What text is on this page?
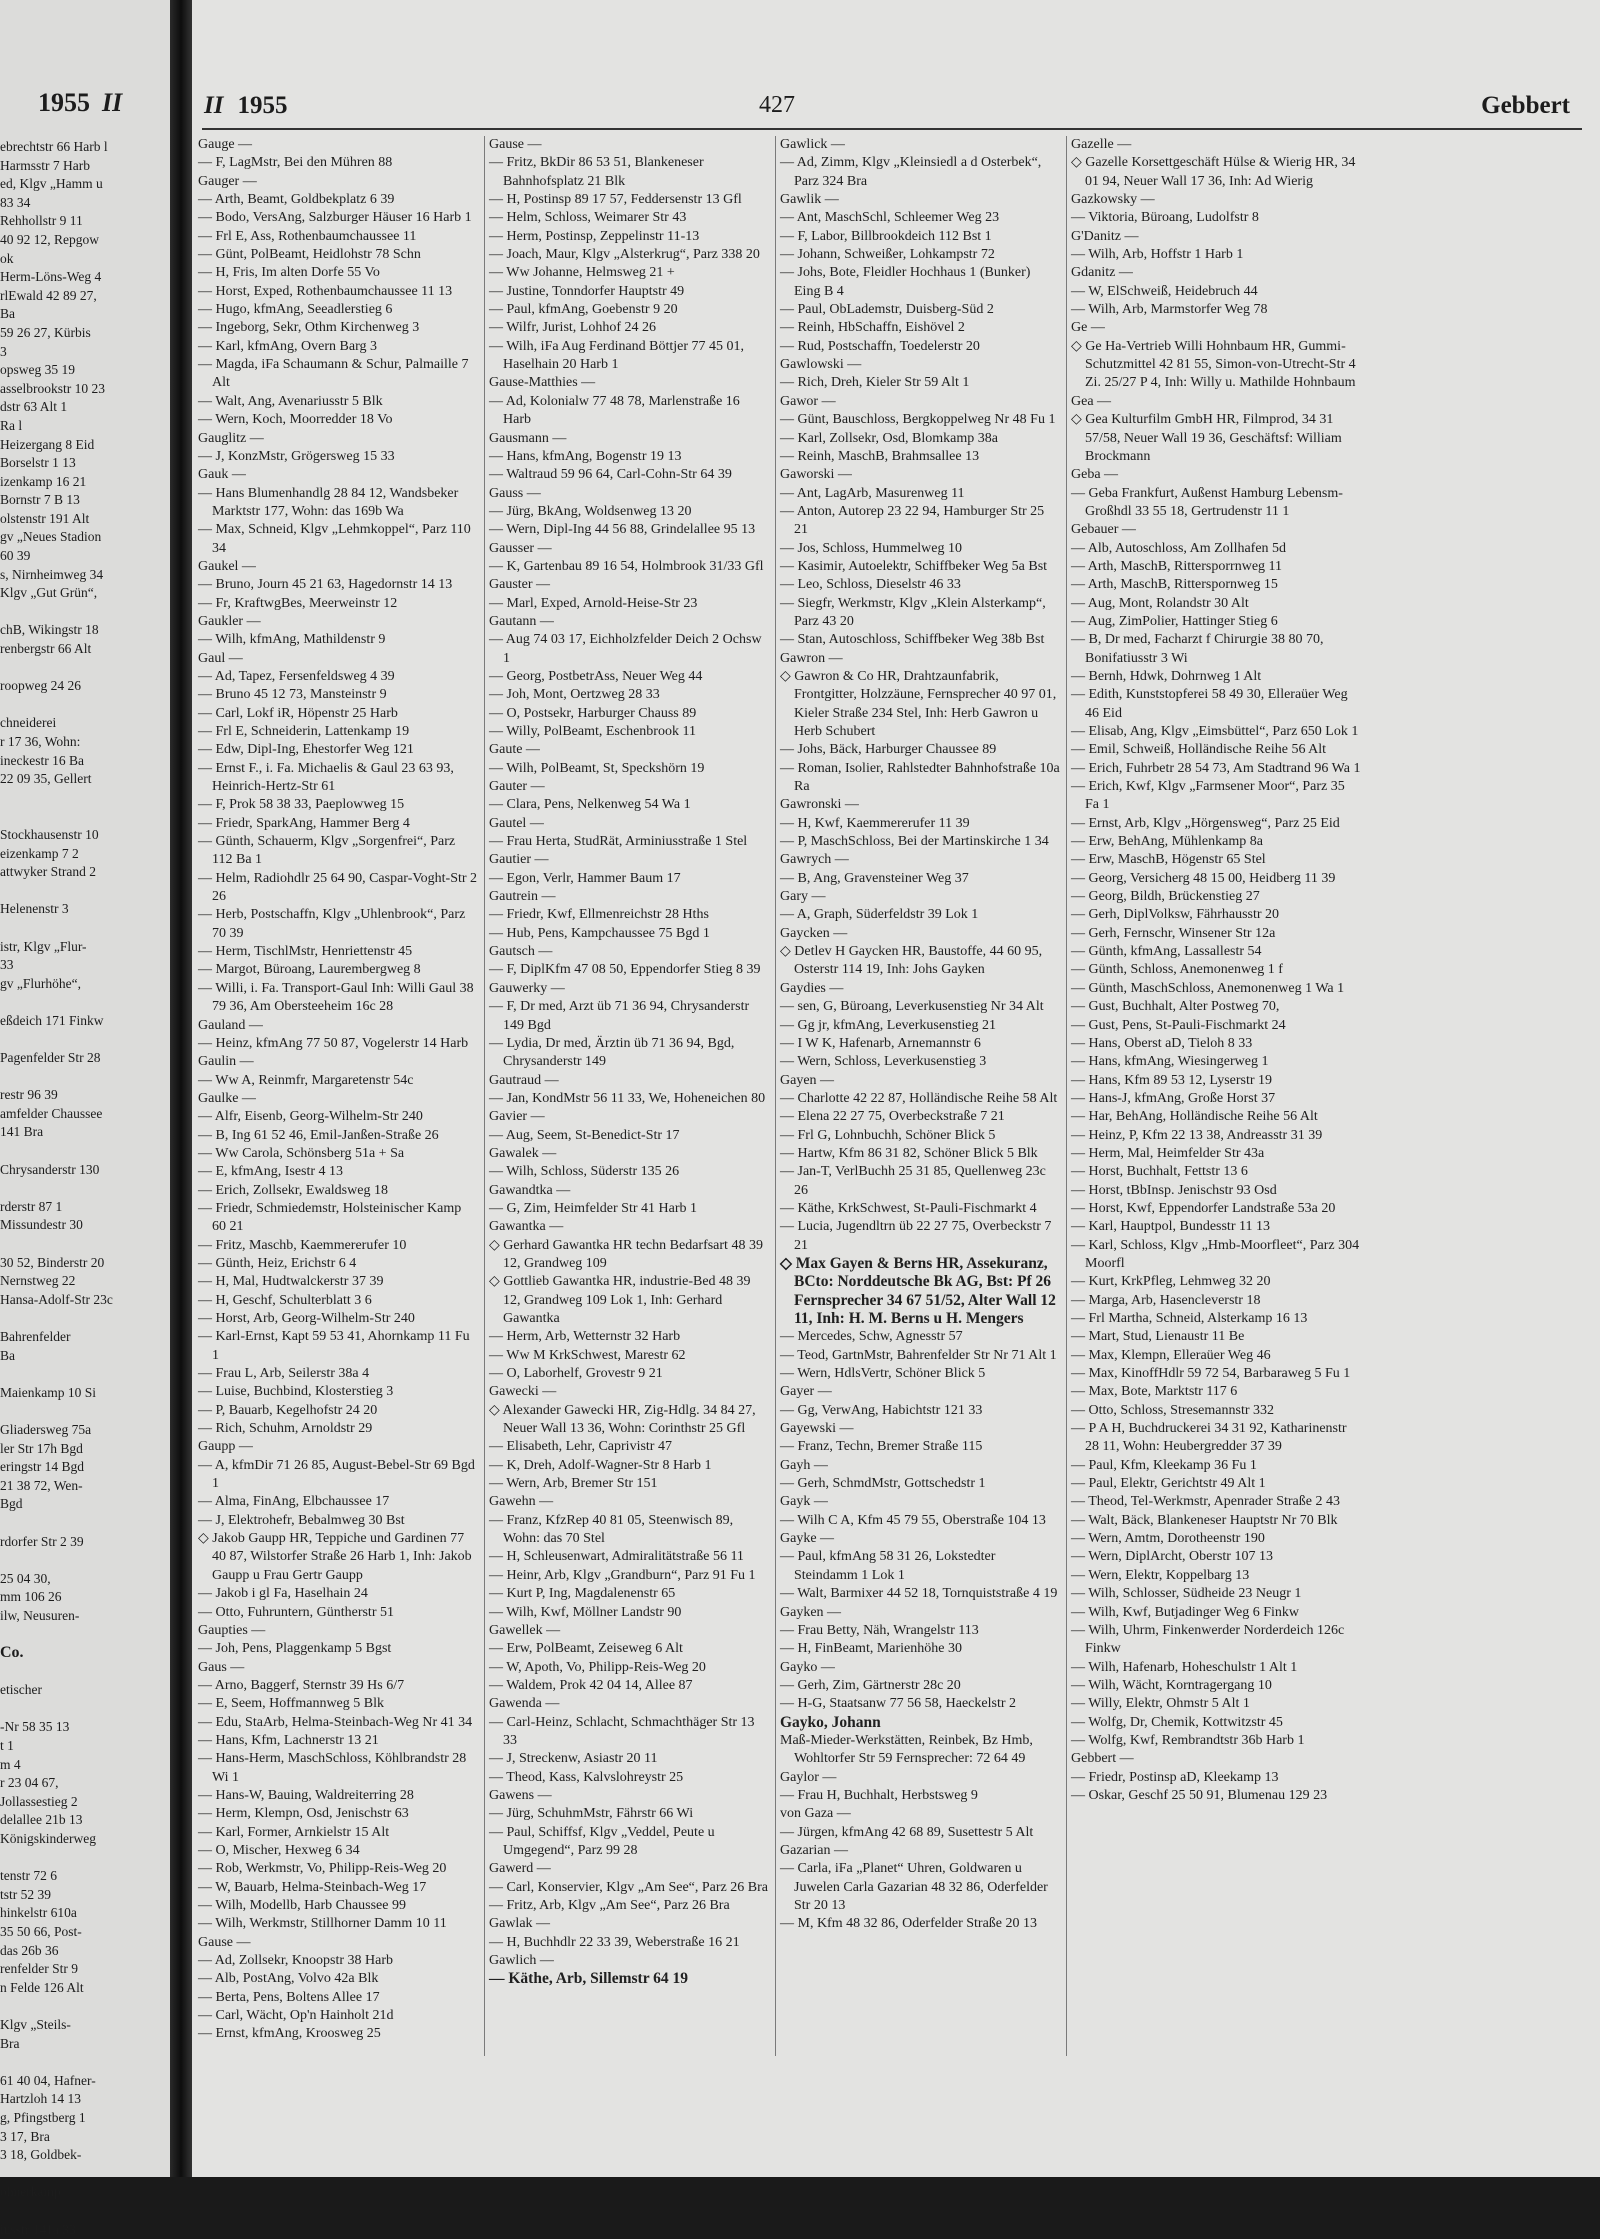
1955 II
ebrechtstr 66 Harb l
Harmsstr 7 Harb
ed, Klgv „Hamm u
83 34
Rehhollstr 9 11
40 92 12, Repgow
ok
Herm-Löns-Weg 4
rlEwald 42 89 27,
Ba
59 26 27, Kürbis
3
opsweg 35 19
asselbrookstr 10 23
dstr 63 Alt 1
Ra l
Heizergang 8 Eid
Borselstr 1 13
izenkamp 16 21
Bornstr 7 B 13
olstenstr 191 Alt
gv „Neues Stadion
60 39
s, Nirnheimweg 34
Klgv „Gut Grün“,

chB, Wikingstr 18
renbergstr 66 Alt

roopweg 24 26

chneiderei
r 17 36, Wohn:
ineckestr 16 Ba
22 09 35, Gellert

Stockhausenstr 10
eizenkamp 7 2
attwyker Strand 2

Helenenstr 3

istr, Klgv „Flur-
33
gv „Flurhöhe“,

eßdeich 171 Finkw

Pagenfelder Str 28

restr 96 39
amfelder Chaussee
141 Bra

Chrysanderstr 130

rderstr 87 1
Missundestr 30

30 52, Binderstr 20
Nernstweg 22
Hansa-Adolf-Str 23c

Bahrenfelder
Ba

Maienkamp 10 Si

Gliadersweg 75a
ler Str 17h Bgd
eringstr 14 Bgd
21 38 72, Wen-
Bgd

rdorfer Str 2 39

25 04 30,
mm 106 26
ilw, Neusuren-

Co.

etischer

-Nr 58 35 13
t 1
m 4
r 23 04 67,
Jollassestieg 2
delallee 21b 13
Königskinderweg

tenstr 72 6
tstr 52 39
hinkelstr 610a
35 50 66, Post-
das 26b 36
renfelder Str 9
n Felde 126 Alt

Klgv „Steils-
Bra

61 40 04, Hafner-
Hartzloh 14 13
g, Pfingstberg 1
3 17, Bra
3 18, Goldbek-

ohnerkamp

iusstr 141a 33
II 1955	427	Gebbert
Gauge —
— F, LagMstr, Bei den Mühren 88
Gauger —
— Arth, Beamt, Goldbekplatz 6 39
— Bodo, VersAng, Salzburger Häuser 16 Harb 1
— Frl E, Ass, Rothenbaumchaussee 11
— Günt, PolBeamt, Heidlohstr 78 Schn
— H, Fris, Im alten Dorfe 55 Vo
— Horst, Exped, Rothenbaumchaussee 11 13
— Hugo, kfmAng, Seeadlerstieg 6
— Ingeborg, Sekr, Othm Kirchenweg 3
— Karl, kfmAng, Overn Barg 3
— Magda, iFa Schaumann & Schur, Palmaille 7 Alt
— Walt, Ang, Avenariusstr 5 Blk
— Wern, Koch, Moorredder 18 Vo
Gauglitz —
— J, KonzMstr, Grögersweg 15 33
Gauk —
— Hans Blumenhandlg 28 84 12, Wandsbeker Marktstr 177, Wohn: das 169b Wa
— Max, Schneid, Klgv „Lehmkoppel“, Parz 110 34
Gaukel —
— Bruno, Journ 45 21 63, Hagedornstr 14 13
— Fr, KraftwgBes, Meerweinstr 12
Gaukler —
— Wilh, kfmAng, Mathildenstr 9
Gaul —
— Ad, Tapez, Fersenfeldsweg 4 39
— Bruno 45 12 73, Mansteinstr 9
— Carl, Lokf iR, Höpenstr 25 Harb
— Frl E, Schneiderin, Lattenkamp 19
— Edw, Dipl-Ing, Ehestorfer Weg 121
— Ernst F., i. Fa. Michaelis & Gaul 23 63 93, Heinrich-Hertz-Str 61
— F, Prok 58 38 33, Paeplowweg 15
— Friedr, SparkAng, Hammer Berg 4
— Günth, Schauerm, Klgv „Sorgenfrei“, Parz 112 Ba 1
— Helm, Radiohdlr 25 64 90, Caspar-Voght-Str 2 26
— Herb, Postschaffn, Klgv „Uhlenbrook“, Parz 70 39
— Herm, TischlMstr, Henriettenstr 45
— Margot, Büroang, Laurembergweg 8
— Willi, i. Fa. Transport-Gaul Inh: Willi Gaul 38 79 36, Am Obersteeheim 16c 28
Gauland —
— Heinz, kfmAng 77 50 87, Vogelerstr 14 Harb
Gaulin —
— Ww A, Reinmfr, Margaretenstr 54c
Gaulke —
— Alfr, Eisenb, Georg-Wilhelm-Str 240
— B, Ing 61 52 46, Emil-Janßen-Straße 26
— Ww Carola, Schönsberg 51a + Sa
— E, kfmAng, Isestr 4 13
— Erich, Zollsekr, Ewaldsweg 18
— Friedr, Schmiedemstr, Holsteinischer Kamp 60 21
— Fritz, Maschb, Kaemmererufer 10
— Günth, Heiz, Erichstr 6 4
— H, Mal, Hudtwalckerstr 37 39
— H, Geschf, Schulterblatt 3 6
— Horst, Arb, Georg-Wilhelm-Str 240
— Karl-Ernst, Kapt 59 53 41, Ahornkamp 11 Fu 1
— Frau L, Arb, Seilerstr 38a 4
— Luise, Buchbind, Klosterstieg 3
— P, Bauarb, Kegelhofstr 24 20
— Rich, Schuhm, Arnoldstr 29
Gaupp —
— A, kfmDir 71 26 85, August-Bebel-Str 69 Bgd 1
— Alma, FinAng, Elbchaussee 17
— J, Elektrohefr, Bebalmweg 30 Bst
◇ Jakob Gaupp HR, Teppiche und Gardinen 77 40 87, Wilstorfer Straße 26 Harb 1, Inh: Jakob Gaupp u Frau Gertr Gaupp
— Jakob i gl Fa, Haselhain 24
— Otto, Fuhruntern, Güntherstr 51
Gaupties —
— Joh, Pens, Plaggenkamp 5 Bgst
Gaus —
— Arno, Baggerf, Sternstr 39 Hs 6/7
— E, Seem, Hoffmannweg 5 Blk
— Edu, StaArb, Helma-Steinbach-Weg Nr 41 34
— Hans, Kfm, Lachnerstr 13 21
— Hans-Herm, MaschSchloss, Köhlbrandstr 28 Wi 1
— Hans-W, Bauing, Waldreiterring 28
— Herm, Klempn, Osd, Jenischstr 63
— Karl, Former, Arnkielstr 15 Alt
— O, Mischer, Hexweg 6 34
— Rob, Werkmstr, Vo, Philipp-Reis-Weg 20
— W, Bauarb, Helma-Steinbach-Weg 17
— Wilh, Modellb, Harb Chaussee 99
— Wilh, Werkmstr, Stillhorner Damm 10 11
Gause —
— Ad, Zollsekr, Knoopstr 38 Harb
— Alb, PostAng, Volvo 42a Blk
— Berta, Pens, Boltens Allee 17
— Carl, Wächt, Op'n Hainholt 21d
— Ernst, kfmAng, Kroosweg 25
Gause —
— Fritz, BkDir 86 53 51, Blankeneser Bahnhofsplatz 21 Blk
— H, Postinsp 89 17 57, Feddersenstr 13 Gfl
— Helm, Schloss, Weimarer Str 43
— Herm, Postinsp, Zeppelinstr 11-13
— Joach, Maur, Klgv „Alsterkrug“, Parz 338 20
— Ww Johanne, Helmsweg 21 +
— Justine, Tonndorfer Hauptstr 49
— Paul, kfmAng, Goebenstr 9 20
— Wilfr, Jurist, Lohhof 24 26
— Wilh, iFa Aug Ferdinand Böttjer 77 45 01, Haselhain 20 Harb 1
Gause-Matthies —
— Ad, Kolonialw 77 48 78, Marlenstraße 16 Harb
Gausmann —
— Hans, kfmAng, Bogenstr 19 13
— Waltraud 59 96 64, Carl-Cohn-Str 64 39
Gauss —
— Jürg, BkAng, Woldsenweg 13 20
— Wern, Dipl-Ing 44 56 88, Grindelallee 95 13
Gausser —
— K, Gartenbau 89 16 54, Holmbrook 31/33 Gfl
Gauster —
— Marl, Exped, Arnold-Heise-Str 23
Gautann —
— Aug 74 03 17, Eichholzfelder Deich 2 Ochsw 1
— Georg, PostbetrAss, Neuer Weg 44
— Joh, Mont, Oertzweg 28 33
— O, Postsekr, Harburger Chauss 89
— Willy, PolBeamt, Eschenbrook 11
Gaute —
— Wilh, PolBeamt, St, Speckshörn 19
Gauter —
— Clara, Pens, Nelkenweg 54 Wa 1
Gautel —
— Frau Herta, StudRät, Arminiusstraße 1 Stel
Gautier —
— Egon, Verlr, Hammer Baum 17
Gautrein —
— Friedr, Kwf, Ellmenreichstr 28 Hths
— Hub, Pens, Kampchaussee 75 Bgd 1
Gautsch —
— F, DiplKfm 47 08 50, Eppendorfer Stieg 8 39
Gauwerky —
— F, Dr med, Arzt üb 71 36 94, Chrysanderstr 149 Bgd
— Lydia, Dr med, Ärztin üb 71 36 94, Bgd, Chrysanderstr 149
Gautraud —
— Jan, KondMstr 56 11 33, We, Hoheneichen 80
Gavier —
— Aug, Seem, St-Benedict-Str 17
Gawalek —
— Wilh, Schloss, Süderstr 135 26
Gawandtka —
— G, Zim, Heimfelder Str 41 Harb 1
Gawantka —
◇ Gerhard Gawantka HR techn Bedarfsart 48 39 12, Grandweg 109
◇ Gottlieb Gawantka HR, industrie-Bed 48 39 12, Grandweg 109 Lok 1, Inh: Gerhard Gawantka
— Herm, Arb, Wetternstr 32 Harb
— Ww M KrkSchwest, Marestr 62
— O, Laborhelf, Grovestr 9 21
Gawecki —
◇ Alexander Gawecki HR, Zig-Hdlg. 34 84 27, Neuer Wall 13 36, Wohn: Corinthstr 25 Gfl
— Elisabeth, Lehr, Caprivistr 47
— K, Dreh, Adolf-Wagner-Str 8 Harb 1
— Wern, Arb, Bremer Str 151
Gawehn —
— Franz, KfzRep 40 81 05, Steenwisch 89, Wohn: das 70 Stel
— H, Schleusenwart, Admiralitätstraße 56 11
— Heinr, Arb, Klgv „Grandburn“, Parz 91 Fu 1
— Kurt P, Ing, Magdalenenstr 65
— Wilh, Kwf, Möllner Landstr 90
Gawellek —
— Erw, PolBeamt, Zeiseweg 6 Alt
— W, Apoth, Vo, Philipp-Reis-Weg 20
— Waldem, Prok 42 04 14, Allee 87
Gawenda —
— Carl-Heinz, Schlacht, Schmachthäger Str 13 33
— J, Streckenw, Asiastr 20 11
— Theod, Kass, Kalvslohreystr 25
Gawens —
— Jürg, SchuhmMstr, Fährstr 66 Wi
— Paul, Schiffsf, Klgv „Veddel, Peute u Umgegend“, Parz 99 28
Gawerd —
— Carl, Konservier, Klgv „Am See“, Parz 26 Bra
— Fritz, Arb, Klgv „Am See“, Parz 26 Bra
Gawlak —
— H, Buchhdlr 22 33 39, Weberstraße 16 21
Gawlich —
— Käthe, Arb, Sillemstr 64 19
Gawlick —
— Ad, Zimm, Klgv „Kleinsiedl a d Osterbek“, Parz 324 Bra
Gawlik —
— Ant, MaschSchl, Schleemer Weg 23
— F, Labor, Billbrookdeich 112 Bst 1
— Johann, Schweißer, Lohkampstr 72
— Johs, Bote, Fleidler Hochhaus 1 (Bunker) Eing B 4
— Paul, ObLademstr, Duisberg-Süd 2
— Reinh, HbSchaffn, Eishövel 2
— Rud, Postschaffn, Toedelerstr 20
Gawlowski —
— Rich, Dreh, Kieler Str 59 Alt 1
Gawor —
— Günt, Bauschloss, Bergkoppelweg Nr 48 Fu 1
— Karl, Zollsekr, Osd, Blomkamp 38a
— Reinh, MaschB, Brahmsallee 13
Gaworski —
— Ant, LagArb, Masurenweg 11
— Anton, Autorep 23 22 94, Hamburger Str 25 21
— Jos, Schloss, Hummelweg 10
— Kasimir, Autoelektr, Schiffbeker Weg 5a Bst
— Leo, Schloss, Dieselstr 46 33
— Siegfr, Werkmstr, Klgv „Klein Alsterkamp“, Parz 43 20
— Stan, Autoschloss, Schiffbeker Weg 38b Bst
Gawron —
◇ Gawron & Co HR, Drahtzaunfabrik, Frontgitter, Holzzäune, Fernsprecher 40 97 01, Kieler Straße 234 Stel, Inh: Herb Gawron u Herb Schubert
— Johs, Bäck, Harburger Chaussee 89
— Roman, Isolier, Rahlstedter Bahnhofstraße 10a Ra
Gawronski —
— H, Kwf, Kaemmererufer 11 39
— P, MaschSchloss, Bei der Martinskirche 1 34
Gawrych —
— B, Ang, Gravensteiner Weg 37
Gary —
— A, Graph, Süderfeldstr 39 Lok 1
Gaycken —
◇ Detlev H Gaycken HR, Baustoffe, 44 60 95, Osterstr 114 19, Inh: Johs Gayken
Gaydies —
— sen, G, Büroang, Leverkusenstieg Nr 34 Alt
— Gg jr, kfmAng, Leverkusenstieg 21
— I W K, Hafenarb, Arnemannstr 6
— Wern, Schloss, Leverkusenstieg 3
Gayen —
— Charlotte 42 22 87, Holländische Reihe 58 Alt
— Elena 22 27 75, Overbeckstraße 7 21
— Frl G, Lohnbuchh, Schöner Blick 5
— Hartw, Kfm 86 31 82, Schöner Blick 5 Blk
— Jan-T, VerlBuchh 25 31 85, Quellenweg 23c 26
— Käthe, KrkSchwest, St-Pauli-Fischmarkt 4
— Lucia, Jugendltrn üb 22 27 75, Overbeckstr 7 21
◇ Max Gayen & Berns HR, Assekuranz, BCto: Norddeutsche Bk AG, Bst: Pf 26 Fernsprecher 34 67 51/52, Alter Wall 12 11, Inh: H. M. Berns u H. Mengers
— Mercedes, Schw, Agnesstr 57
— Teod, GartnMstr, Bahrenfelder Str Nr 71 Alt 1
— Wern, HdlsVertr, Schöner Blick 5
Gayer —
— Gg, VerwAng, Habichtstr 121 33
Gayewski —
— Franz, Techn, Bremer Straße 115
Gayh —
— Gerh, SchmdMstr, Gottschedstr 1
Gayk —
— Wilh C A, Kfm 45 79 55, Oberstraße 104 13
Gayke —
— Paul, kfmAng 58 31 26, Lokstedter Steindamm 1 Lok 1
— Walt, Barmixer 44 52 18, Tornquiststraße 4 19
Gayken —
— Frau Betty, Näh, Wrangelstr 113
— H, FinBeamt, Marienhöhe 30
Gayko —
— Gerh, Zim, Gärtnerstr 28c 20
— H-G, Staatsanw 77 56 58, Haeckelstr 2
Gayko, Johann
Maß-Mieder-Werkstätten, Reinbek, Bz Hmb, Wohltorfer Str 59 Fernsprecher: 72 64 49
Gaylor —
— Frau H, Buchhalt, Herbstsweg 9
von Gaza —
— Jürgen, kfmAng 42 68 89, Susettestr 5 Alt
Gazarian —
— Carla, iFa „Planet“ Uhren, Goldwaren u Juwelen Carla Gazarian 48 32 86, Oderfelder Str 20 13
— M, Kfm 48 32 86, Oderfelder Straße 20 13
Gazelle —
◇ Gazelle Korsettgeschäft Hülse & Wierig HR, 34 01 94, Neuer Wall 17 36, Inh: Ad Wierig
Gazkowsky —
— Viktoria, Büroang, Ludolfstr 8
G'Danitz —
— Wilh, Arb, Hoffstr 1 Harb 1
Gdanitz —
— W, ElSchweiß, Heidebruch 44
— Wilh, Arb, Marmstorfer Weg 78
Ge —
◇ Ge Ha-Vertrieb Willi Hohnbaum HR, Gummi-Schutzmittel 42 81 55, Simon-von-Utrecht-Str 4 Zi. 25/27 P 4, Inh: Willy u. Mathilde Hohnbaum
Gea —
◇ Gea Kulturfilm GmbH HR, Filmprod, 34 31 57/58, Neuer Wall 19 36, Geschäftsf: William Brockmann
Geba —
— Geba Frankfurt, Außenst Hamburg Lebensm-Großhdl 33 55 18, Gertrudenstr 11 1
Gebauer —
— Alb, Autoschloss, Am Zollhafen 5d
— Arth, MaschB, Rittersporrnweg 11
— Arth, MaschB, Ritterspornweg 15
— Aug, Mont, Rolandstr 30 Alt
— Aug, ZimPolier, Hattinger Stieg 6
— B, Dr med, Facharzt f Chirurgie 38 80 70, Bonifatiusstr 3 Wi
— Bernh, Hdwk, Dohrnweg 1 Alt
— Edith, Kunststopferei 58 49 30, Elleraüer Weg 46 Eid
— Elisab, Ang, Klgv „Eimsbüttel“, Parz 650 Lok 1
— Emil, Schweiß, Holländische Reihe 56 Alt
— Erich, Fuhrbetr 28 54 73, Am Stadtrand 96 Wa 1
— Erich, Kwf, Klgv „Farmsener Moor“, Parz 35 Fa 1
— Ernst, Arb, Klgv „Hörgensweg“, Parz 25 Eid
— Erw, BehAng, Mühlenkamp 8a
— Erw, MaschB, Högenstr 65 Stel
— Georg, Versicherg 48 15 00, Heidberg 11 39
— Georg, Bildh, Brückenstieg 27
— Gerh, DiplVolksw, Fährhausstr 20
— Gerh, Fernschr, Winsener Str 12a
— Günth, kfmAng, Lassallestr 54
— Günth, Schloss, Anemonenweg 1 f
— Günth, MaschSchloss, Anemonenweg 1 Wa 1
— Gust, Buchhalt, Alter Postweg 70,
— Gust, Pens, St-Pauli-Fischmarkt 24
— Hans, Oberst aD, Tieloh 8 33
— Hans, kfmAng, Wiesingerweg 1
— Hans, Kfm 89 53 12, Lyserstr 19
— Hans-J, kfmAng, Große Horst 37
— Har, BehAng, Holländische Reihe 56 Alt
— Heinz, P, Kfm 22 13 38, Andreasstr 31 39
— Herm, Mal, Heimfelder Str 43a
— Horst, Buchhalt, Fettstr 13 6
— Horst, tBbInsp. Jenischstr 93 Osd
— Horst, Kwf, Eppendorfer Landstraße 53a 20
— Karl, Hauptpol, Bundesstr 11 13
— Karl, Schloss, Klgv „Hmb-Moorfleet“, Parz 304 Moorfl
— Kurt, KrkPfleg, Lehmweg 32 20
— Marga, Arb, Hasencleverstr 18
— Frl Martha, Schneid, Alsterkamp 16 13
— Mart, Stud, Lienaustr 11 Be
— Max, Klempn, Elleraüer Weg 46
— Max, KinoffHdlr 59 72 54, Barbaraweg 5 Fu 1
— Max, Bote, Marktstr 117 6
— Otto, Schloss, Stresemannstr 332
— P A H, Buchdruckerei 34 31 92, Katharinenstr 28 11, Wohn: Heubergredder 37 39
— Paul, Kfm, Kleekamp 36 Fu 1
— Paul, Elektr, Gerichtstr 49 Alt 1
— Theod, Tel-Werkmstr, Apenrader Straße 2 43
— Walt, Bäck, Blankeneser Hauptstr Nr 70 Blk
— Wern, Amtm, Dorotheenstr 190
— Wern, DiplArcht, Oberstr 107 13
— Wern, Elektr, Koppelbarg 13
— Wilh, Schlosser, Südheide 23 Neugr 1
— Wilh, Kwf, Butjadinger Weg 6 Finkw
— Wilh, Uhrm, Finkenwerder Norderdeich 126c Finkw
— Wilh, Hafenarb, Hoheschulstr 1 Alt 1
— Wilh, Wächt, Korntragergang 10
— Willy, Elektr, Ohmstr 5 Alt 1
— Wolfg, Dr, Chemik, Kottwitzstr 45
— Wolfg, Kwf, Rembrandtstr 36b Harb 1
Gebbert —
— Friedr, Postinsp aD, Kleekamp 13
— Oskar, Geschf 25 50 91, Blumenau 129 23
